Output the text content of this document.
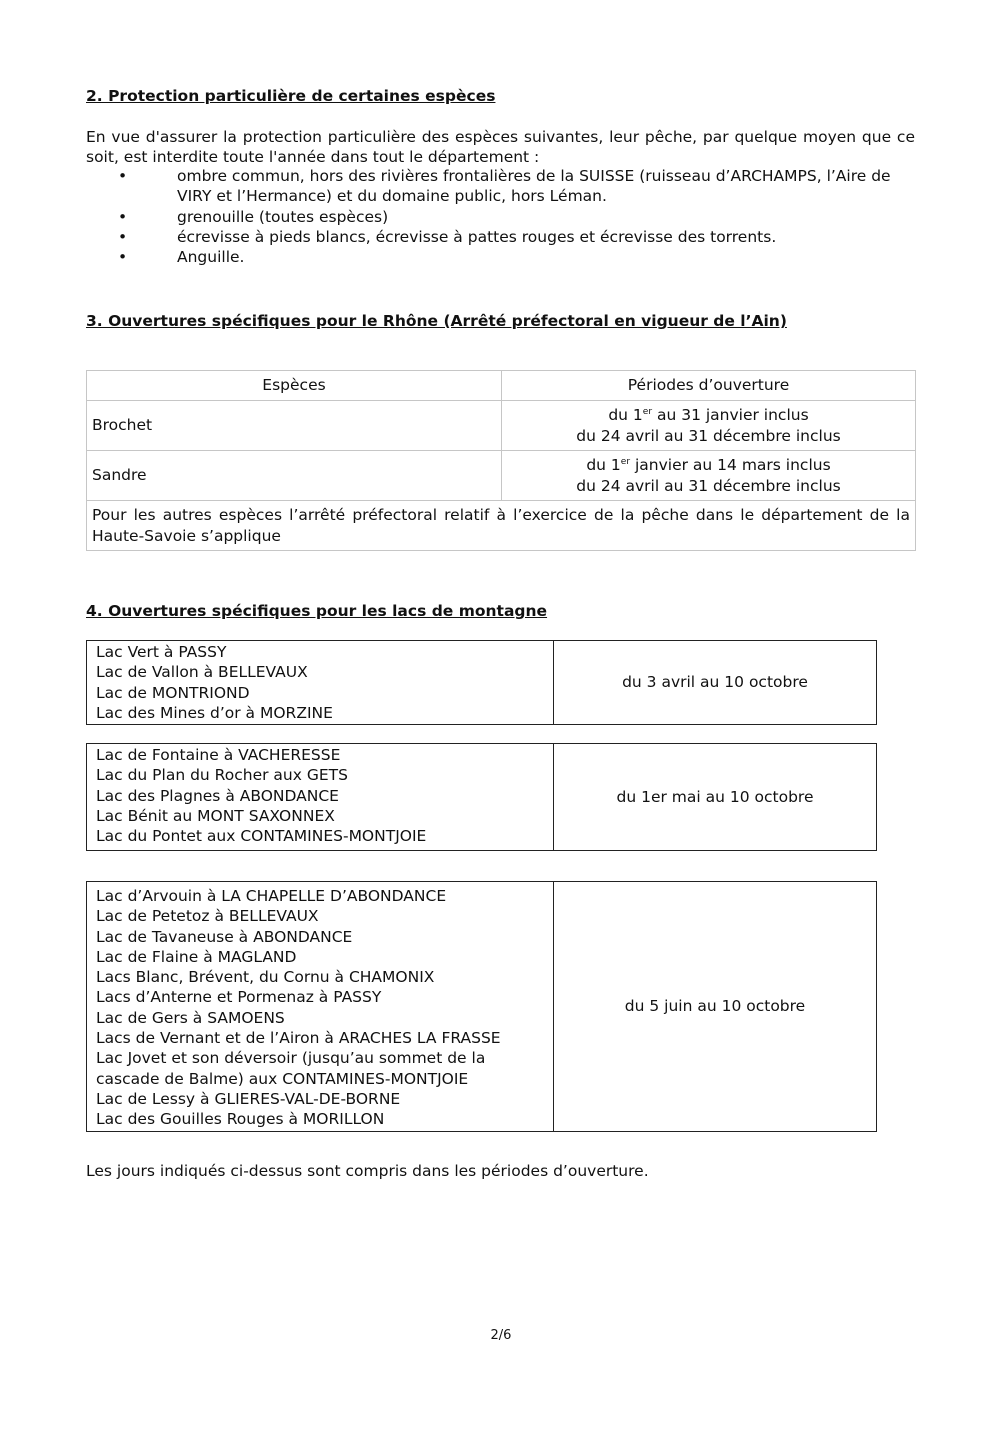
2. Protection particulière de certaines espèces
En vue d'assurer la protection particulière des espèces suivantes, leur pêche, par quelque moyen que ce soit, est interdite toute l'année dans tout le département :
•	ombre commun, hors des rivières frontalières de la SUISSE (ruisseau d’ARCHAMPS, l’Aire de VIRY et l’Hermance) et du domaine public, hors Léman.
•	grenouille (toutes espèces)
•	écrevisse à pieds blancs, écrevisse à pattes rouges et écrevisse des torrents.
•	Anguille.
3. Ouvertures spécifiques pour le Rhône (Arrêté préfectoral en vigueur de l’Ain)
Espèces	Périodes d’ouverture
Brochet	du 1er au 31 janvier inclus
du 24 avril au 31 décembre inclus

Sandre	du 1er janvier au 14 mars inclus
du 24 avril au 31 décembre inclus

Pour les autres espèces l’arrêté préfectoral relatif à l’exercice de la pêche dans le département de la Haute-Savoie s’applique	
4. Ouvertures spécifiques pour les lacs de montagne
Lac Vert à PASSY
Lac de Vallon à BELLEVAUX
Lac de MONTRIOND
Lac des Mines d’or à MORZINE
	du 3 avril au 10 octobre
Lac de Fontaine à VACHERESSE
Lac du Plan du Rocher aux GETS
Lac des Plagnes à ABONDANCE
Lac Bénit au MONT SAXONNEX
Lac du Pontet aux CONTAMINES-MONTJOIE
	du 1er mai au 10 octobre
Lac d’Arvouin à LA CHAPELLE D’ABONDANCE
Lac de Petetoz à BELLEVAUX
Lac de Tavaneuse à ABONDANCE
Lac de Flaine à MAGLAND
Lacs Blanc, Brévent, du Cornu à CHAMONIX
Lacs d’Anterne et Pormenaz à PASSY
Lac de Gers à SAMOENS
Lacs de Vernant et de l’Airon à ARACHES LA FRASSE
Lac Jovet et son déversoir (jusqu’au sommet de la
cascade de Balme) aux CONTAMINES-MONTJOIE
Lac de Lessy à GLIERES-VAL-DE-BORNE
Lac des Gouilles Rouges à MORILLON
	du 5 juin au 10 octobre
Les jours indiqués ci-dessus sont compris dans les périodes d’ouverture.
2/6
